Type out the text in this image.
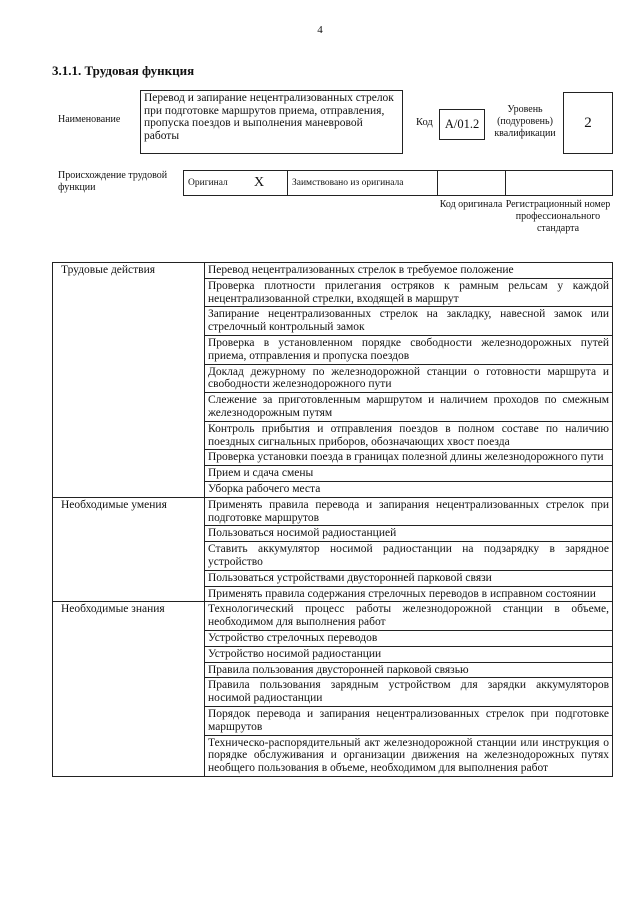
4
3.1.1. Трудовая функция
Наименование
Перевод и запирание нецентрализованных стрелок при подготовке маршрутов приема, отправления, пропуска поездов и выполнения маневровой работы
Код A/01.2
Уровень (подуровень) квалификации
2
Происхождение трудовой функции	Оригинал X	Заимствовано из оригинала
Код оригинала Регистрационный номер профессионального стандарта
Трудовые действия	Перевод нецентрализованных стрелок в требуемое положение
	Проверка плотности прилегания остряков к рамным рельсам у каждой нецентрализованной стрелки, входящей в маршрут
	Запирание нецентрализованных стрелок на закладку, навесной замок или стрелочный контрольный замок
	Проверка в установленном порядке свободности железнодорожных путей приема, отправления и пропуска поездов
	Доклад дежурному по железнодорожной станции о готовности маршрута и свободности железнодорожного пути
	Слежение за приготовленным маршрутом и наличием проходов по смежным железнодорожным путям
	Контроль прибытия и отправления поездов в полном составе по наличию поездных сигнальных приборов, обозначающих хвост поезда
	Проверка установки поезда в границах полезной длины железнодорожного пути
	Прием и сдача смены
	Уборка рабочего места
Необходимые умения	Применять правила перевода и запирания нецентрализованных стрелок при подготовке маршрутов
	Пользоваться носимой радиостанцией
	Ставить аккумулятор носимой радиостанции на подзарядку в зарядное устройство
	Пользоваться устройствами двусторонней парковой связи
	Применять правила содержания стрелочных переводов в исправном состоянии
Необходимые знания	Технологический процесс работы железнодорожной станции в объеме, необходимом для выполнения работ
	Устройство стрелочных переводов
	Устройство носимой радиостанции
	Правила пользования двусторонней парковой связью
	Правила пользования зарядным устройством для зарядки аккумуляторов носимой радиостанции
	Порядок перевода и запирания нецентрализованных стрелок при подготовке маршрутов
	Техническо-распорядительный акт железнодорожной станции или инструкция о порядке обслуживания и организации движения на железнодорожных путях необщего пользования в объеме, необходимом для выполнения работ
